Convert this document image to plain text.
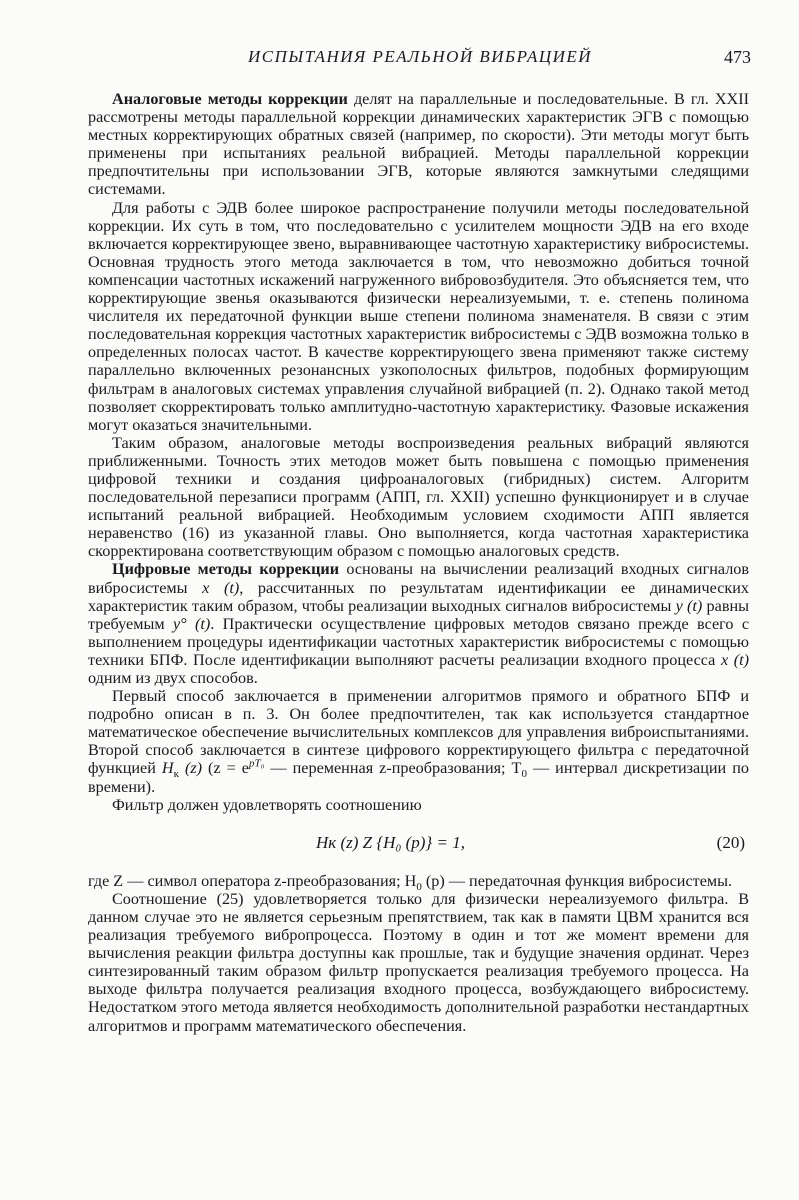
ИСПЫТАНИЯ РЕАЛЬНОЙ ВИБРАЦИЕЙ	473

Аналоговые методы коррекции делят на параллельные и последовательные. В гл. XXII рассмотрены методы параллельной коррекции динамических характеристик ЭГВ с помощью местных корректирующих обратных связей (например, по скорости). Эти методы могут быть применены при испытаниях реальной вибрацией. Методы параллельной коррекции предпочтительны при использовании ЭГВ, которые являются замкнутыми следящими системами.

Для работы с ЭДВ более широкое распространение получили методы последовательной коррекции. Их суть в том, что последовательно с усилителем мощности ЭДВ на его входе включается корректирующее звено, выравнивающее частотную характеристику вибросистемы. Основная трудность этого метода заключается в том, что невозможно добиться точной компенсации частотных искажений нагруженного вибровозбудителя. Это объясняется тем, что корректирующие звенья оказываются физически нереализуемыми, т. е. степень полинома числителя их передаточной функции выше степени полинома знаменателя. В связи с этим последовательная коррекция частотных характеристик вибросистемы с ЭДВ возможна только в определенных полосах частот. В качестве корректирующего звена применяют также систему параллельно включенных резонансных узкополосных фильтров, подобных формирующим фильтрам в аналоговых системах управления случайной вибрацией (п. 2). Однако такой метод позволяет скорректировать только амплитудно-частотную характеристику. Фазовые искажения могут оказаться значительными.

Таким образом, аналоговые методы воспроизведения реальных вибраций являются приближенными. Точность этих методов может быть повышена с помощью применения цифровой техники и создания цифроаналоговых (гибридных) систем. Алгоритм последовательной перезаписи программ (АПП, гл. XXII) успешно функционирует и в случае испытаний реальной вибрацией. Необходимым условием сходимости АПП является неравенство (16) из указанной главы. Оно выполняется, когда частотная характеристика скорректирована соответствующим образом с помощью аналоговых средств.

Цифровые методы коррекции основаны на вычислении реализаций входных сигналов вибросистемы x (t), рассчитанных по результатам идентификации ее динамических характеристик таким образом, чтобы реализации выходных сигналов вибросистемы y (t) равны требуемым y° (t). Практически осуществление цифровых методов связано прежде всего с выполнением процедуры идентификации частотных характеристик вибросистемы с помощью техники БПФ. После идентификации выполняют расчеты реализации входного процесса x (t) одним из двух способов.

Первый способ заключается в применении алгоритмов прямого и обратного БПФ и подробно описан в п. 3. Он более предпочтителен, так как используется стандартное математическое обеспечение вычислительных комплексов для управления виброиспытаниями. Второй способ заключается в синтезе цифрового корректирующего фильтра с передаточной функцией $H_к$ (z) ($z = e^{pT_0}$ — переменная z-преобразования; $T_0$ — интервал дискретизации по времени).

Фильтр должен удовлетворять соотношению

Hк (z) Z {H₀ (p)} = 1,	(20)

где Z — символ оператора z-преобразования; $H_0$ (p) — передаточная функция вибросистемы.

Соотношение (25) удовлетворяется только для физически нереализуемого фильтра. В данном случае это не является серьезным препятствием, так как в памяти ЦВМ хранится вся реализация требуемого вибропроцесса. Поэтому в один и тот же момент времени для вычисления реакции фильтра доступны как прошлые, так и будущие значения ординат. Через синтезированный таким образом фильтр пропускается реализация требуемого процесса. На выходе фильтра получается реализация входного процесса, возбуждающего вибросистему. Недостатком этого метода является необходимость дополнительной разработки нестандартных алгоритмов и программ математического обеспечения.
